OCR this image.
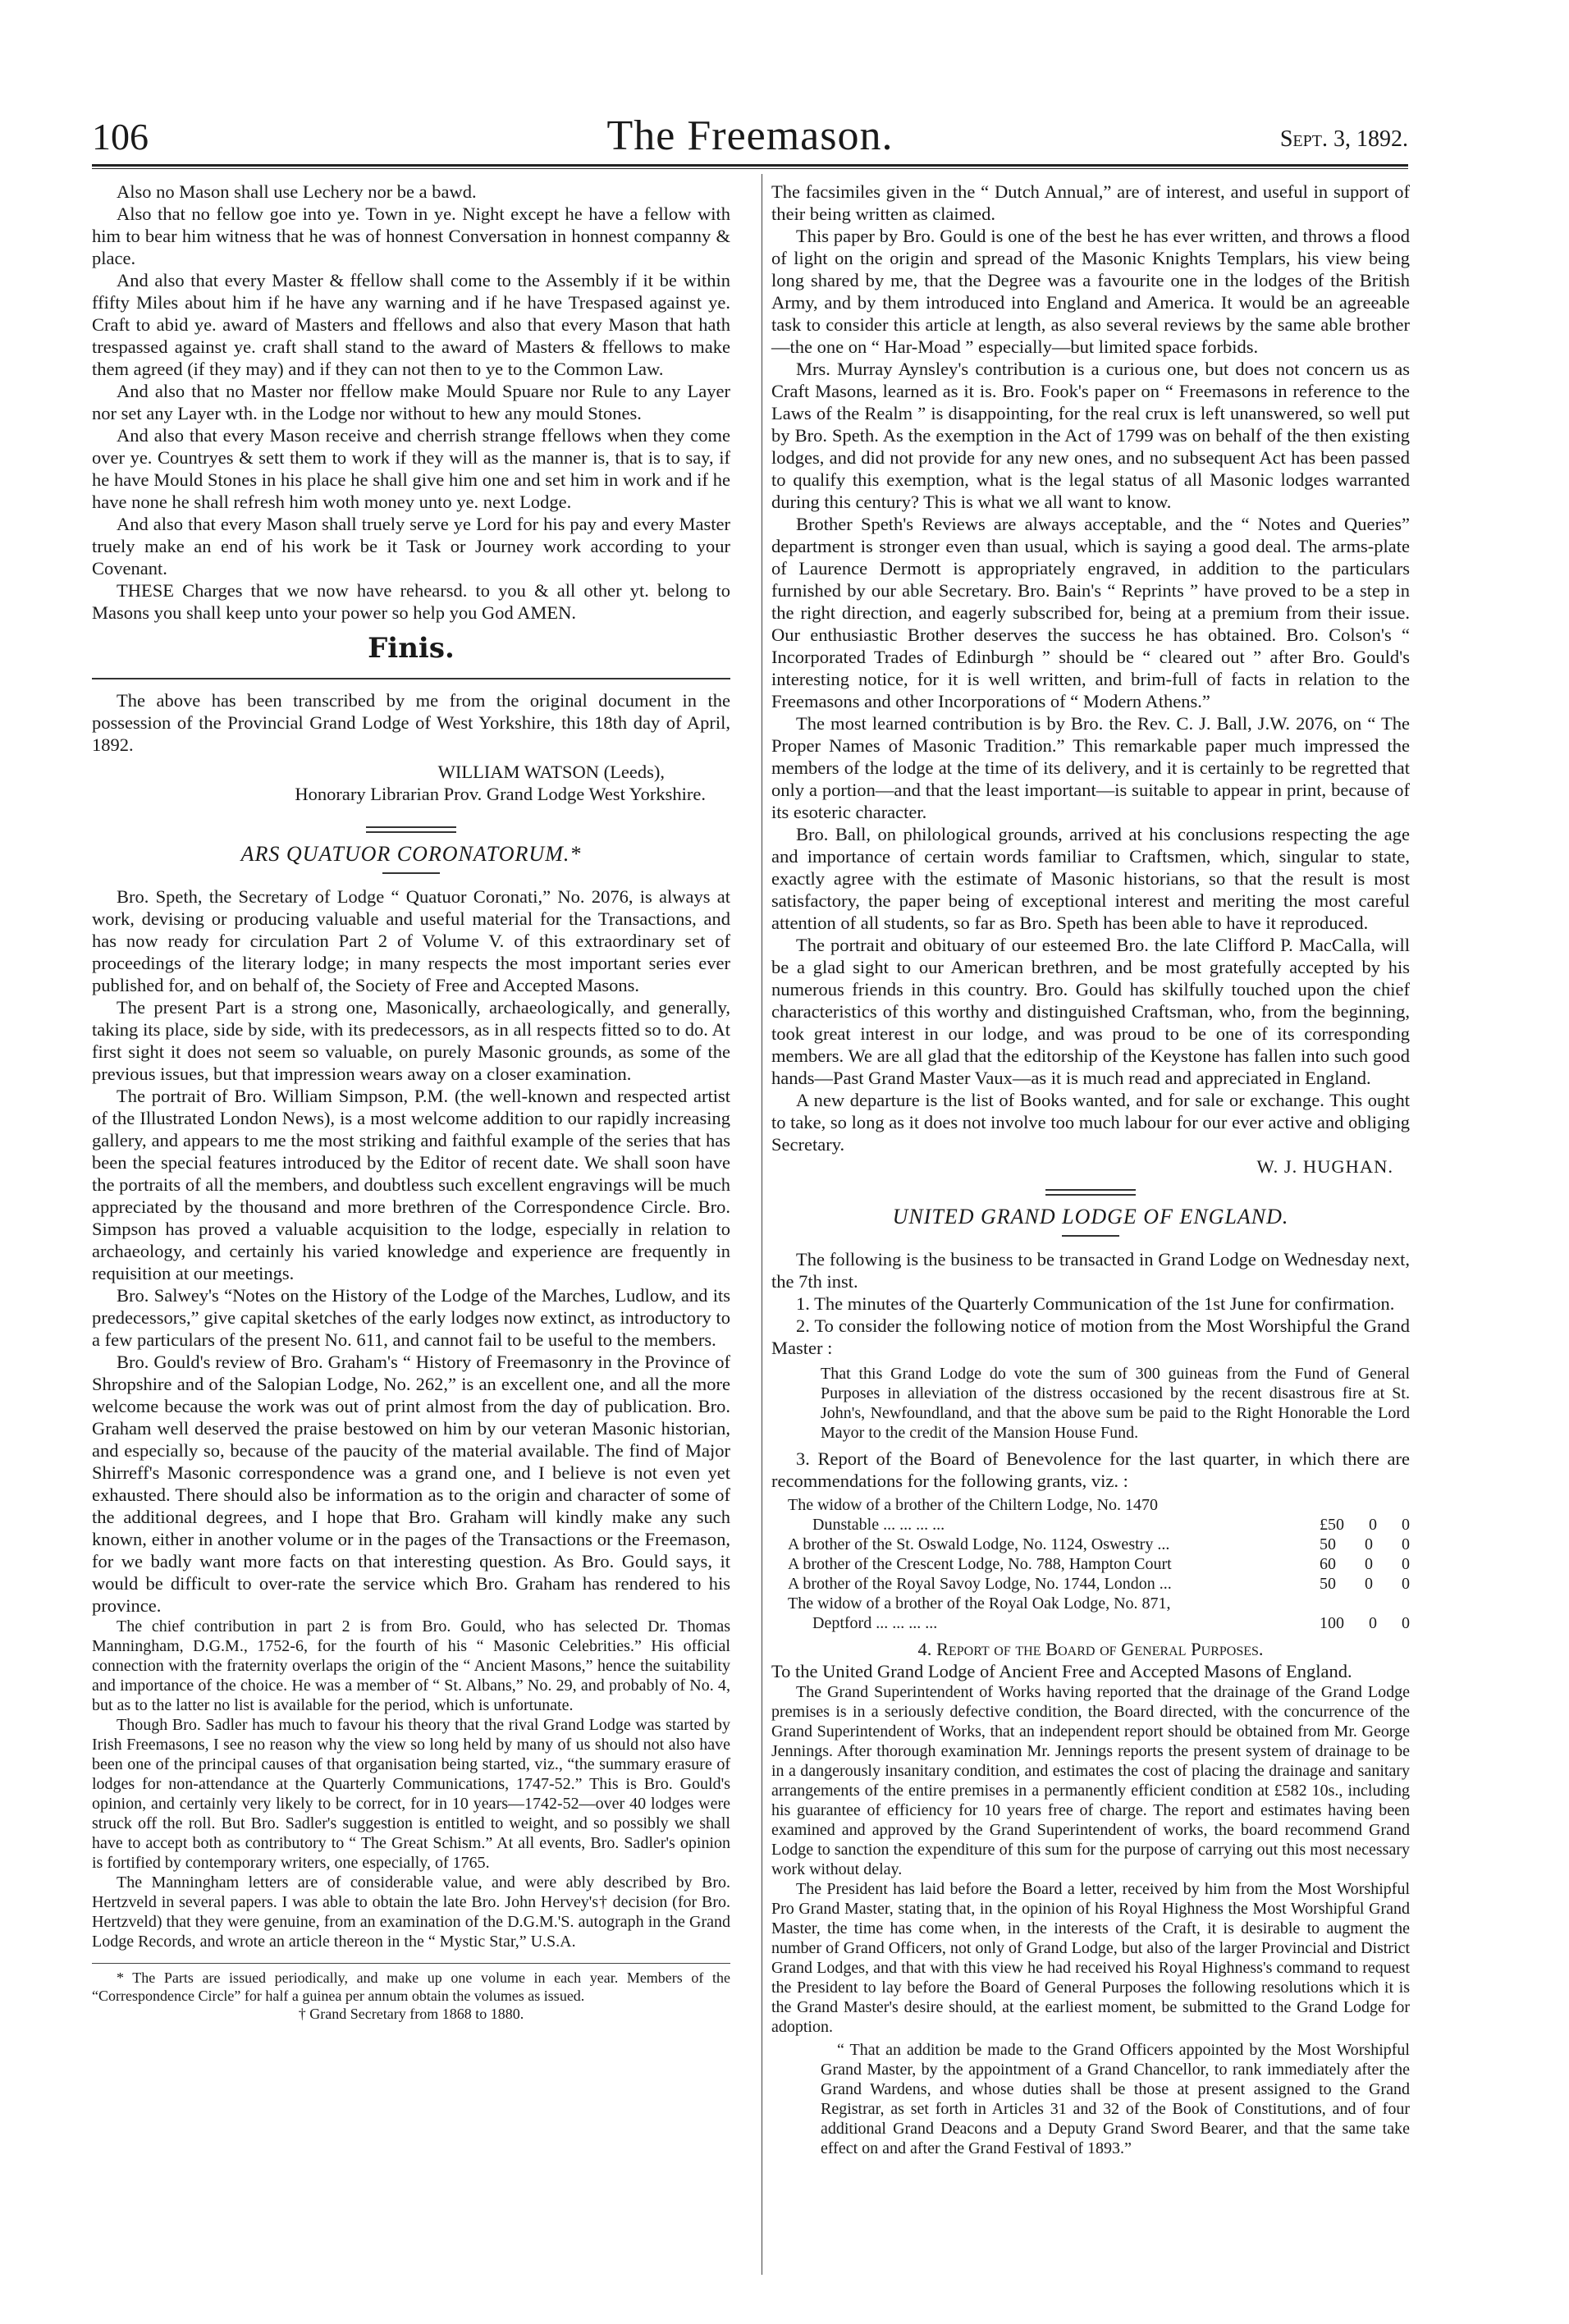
106	The Freemason.	Sept. 3, 1892.

Also no Mason shall use Lechery nor be a bawd.

Also that no fellow goe into ye. Town in ye. Night except he have a fellow with him to bear him witness that he was of honnest Conversation in honnest companny & place.

And also that every Master & ffellow shall come to the Assembly if it be within ffifty Miles about him if he have any warning and if he have Trespased against ye. Craft to abid ye. award of Masters and ffellows and also that every Mason that hath trespassed against ye. craft shall stand to the award of Masters & ffellows to make them agreed (if they may) and if they can not then to ye to the Common Law.

And also that no Master nor ffellow make Mould Spuare nor Rule to any Layer nor set any Layer wth. in the Lodge nor without to hew any mould Stones.

And also that every Mason receive and cherrish strange ffellows when they come over ye. Countryes & sett them to work if they will as the manner is, that is to say, if he have Mould Stones in his place he shall give him one and set him in work and if he have none he shall refresh him woth money unto ye. next Lodge.

And also that every Mason shall truely serve ye Lord for his pay and every Master truely make an end of his work be it Task or Journey work according to your Covenant.

THESE Charges that we now have rehearsd. to you & all other yt. belong to Masons you shall keep unto your power so help you God AMEN.

Finis.

The above has been transcribed by me from the original document in the possession of the Provincial Grand Lodge of West Yorkshire, this 18th day of April, 1892.

WILLIAM WATSON (Leeds),
Honorary Librarian Prov. Grand Lodge West Yorkshire.
ARS QUATUOR CORONATORUM.*

Bro. Speth, the Secretary of Lodge “ Quatuor Coronati,” No. 2076, is always at work, devising or producing valuable and useful material for the Transactions, and has now ready for circulation Part 2 of Volume V. of this extraordinary set of proceedings of the literary lodge; in many respects the most important series ever published for, and on behalf of, the Society of Free and Accepted Masons.

The present Part is a strong one, Masonically, archaeologically, and generally, taking its place, side by side, with its predecessors, as in all respects fitted so to do. At first sight it does not seem so valuable, on purely Masonic grounds, as some of the previous issues, but that impression wears away on a closer examination.

The portrait of Bro. William Simpson, P.M. (the well-known and respected artist of the Illustrated London News), is a most welcome addition to our rapidly increasing gallery, and appears to me the most striking and faithful example of the series that has been the special features introduced by the Editor of recent date. We shall soon have the portraits of all the members, and doubtless such excellent engravings will be much appreciated by the thousand and more brethren of the Correspondence Circle. Bro. Simpson has proved a valuable acquisition to the lodge, especially in relation to archaeology, and certainly his varied knowledge and experience are frequently in requisition at our meetings.

Bro. Salwey's “Notes on the History of the Lodge of the Marches, Ludlow, and its predecessors,” give capital sketches of the early lodges now extinct, as introductory to a few particulars of the present No. 611, and cannot fail to be useful to the members.

Bro. Gould's review of Bro. Graham's “ History of Freemasonry in the Province of Shropshire and of the Salopian Lodge, No. 262,” is an excellent one, and all the more welcome because the work was out of print almost from the day of publication. Bro. Graham well deserved the praise bestowed on him by our veteran Masonic historian, and especially so, because of the paucity of the material available. The find of Major Shirreff's Masonic correspondence was a grand one, and I believe is not even yet exhausted. There should also be information as to the origin and character of some of the additional degrees, and I hope that Bro. Graham will kindly make any such known, either in another volume or in the pages of the Transactions or the Freemason, for we badly want more facts on that interesting question. As Bro. Gould says, it would be difficult to over-rate the service which Bro. Graham has rendered to his province.

The chief contribution in part 2 is from Bro. Gould, who has selected Dr. Thomas Manningham, D.G.M., 1752-6, for the fourth of his “ Masonic Celebrities.” His official connection with the fraternity overlaps the origin of the “ Ancient Masons,” hence the suitability and importance of the choice. He was a member of “ St. Albans,” No. 29, and probably of No. 4, but as to the latter no list is available for the period, which is unfortunate.

Though Bro. Sadler has much to favour his theory that the rival Grand Lodge was started by Irish Freemasons, I see no reason why the view so long held by many of us should not also have been one of the principal causes of that organisation being started, viz., “the summary erasure of lodges for non-attendance at the Quarterly Communications, 1747-52.” This is Bro. Gould's opinion, and certainly very likely to be correct, for in 10 years—1742-52—over 40 lodges were struck off the roll. But Bro. Sadler's suggestion is entitled to weight, and so possibly we shall have to accept both as contributory to “ The Great Schism.” At all events, Bro. Sadler's opinion is fortified by contemporary writers, one especially, of 1765.

The Manningham letters are of considerable value, and were ably described by Bro. Hertzveld in several papers. I was able to obtain the late Bro. John Hervey's† decision (for Bro. Hertzveld) that they were genuine, from an examination of the D.G.M.'S. autograph in the Grand Lodge Records, and wrote an article thereon in the “ Mystic Star,” U.S.A.

* The Parts are issued periodically, and make up one volume in each year. Members of the “Correspondence Circle” for half a guinea per annum obtain the volumes as issued.

† Grand Secretary from 1868 to 1880.

The facsimiles given in the “ Dutch Annual,” are of interest, and useful in support of their being written as claimed.

This paper by Bro. Gould is one of the best he has ever written, and throws a flood of light on the origin and spread of the Masonic Knights Templars, his view being long shared by me, that the Degree was a favourite one in the lodges of the British Army, and by them introduced into England and America. It would be an agreeable task to consider this article at length, as also several reviews by the same able brother—the one on “ Har-Moad ” especially—but limited space forbids.

Mrs. Murray Aynsley's contribution is a curious one, but does not concern us as Craft Masons, learned as it is. Bro. Fook's paper on “ Freemasons in reference to the Laws of the Realm ” is disappointing, for the real crux is left unanswered, so well put by Bro. Speth. As the exemption in the Act of 1799 was on behalf of the then existing lodges, and did not provide for any new ones, and no subsequent Act has been passed to qualify this exemption, what is the legal status of all Masonic lodges warranted during this century? This is what we all want to know.

Brother Speth's Reviews are always acceptable, and the “ Notes and Queries” department is stronger even than usual, which is saying a good deal. The arms-plate of Laurence Dermott is appropriately engraved, in addition to the particulars furnished by our able Secretary. Bro. Bain's “ Reprints ” have proved to be a step in the right direction, and eagerly subscribed for, being at a premium from their issue. Our enthusiastic Brother deserves the success he has obtained. Bro. Colson's “ Incorporated Trades of Edinburgh ” should be “ cleared out ” after Bro. Gould's interesting notice, for it is well written, and brim-full of facts in relation to the Freemasons and other Incorporations of “ Modern Athens.”

The most learned contribution is by Bro. the Rev. C. J. Ball, J.W. 2076, on “ The Proper Names of Masonic Tradition.” This remarkable paper much impressed the members of the lodge at the time of its delivery, and it is certainly to be regretted that only a portion—and that the least important—is suitable to appear in print, because of its esoteric character.

Bro. Ball, on philological grounds, arrived at his conclusions respecting the age and importance of certain words familiar to Craftsmen, which, singular to state, exactly agree with the estimate of Masonic historians, so that the result is most satisfactory, the paper being of exceptional interest and meriting the most careful attention of all students, so far as Bro. Speth has been able to have it reproduced.

The portrait and obituary of our esteemed Bro. the late Clifford P. MacCalla, will be a glad sight to our American brethren, and be most gratefully accepted by his numerous friends in this country. Bro. Gould has skilfully touched upon the chief characteristics of this worthy and distinguished Craftsman, who, from the beginning, took great interest in our lodge, and was proud to be one of its corresponding members. We are all glad that the editorship of the Keystone has fallen into such good hands—Past Grand Master Vaux—as it is much read and appreciated in England.

A new departure is the list of Books wanted, and for sale or exchange. This ought to take, so long as it does not involve too much labour for our ever active and obliging Secretary.

W. J. HUGHAN.
UNITED GRAND LODGE OF ENGLAND.

The following is the business to be transacted in Grand Lodge on Wednesday next, the 7th inst.

1. The minutes of the Quarterly Communication of the 1st June for confirmation.

2. To consider the following notice of motion from the Most Worshipful the Grand Master :

That this Grand Lodge do vote the sum of 300 guineas from the Fund of General Purposes in alleviation of the distress occasioned by the recent disastrous fire at St. John's, Newfoundland, and that the above sum be paid to the Right Honorable the Lord Mayor to the credit of the Mansion House Fund.

3. Report of the Board of Benevolence for the last quarter, in which there are recommendations for the following grants, viz. :

The widow of a brother of the Chiltern Lodge, No. 1470
Dunstable ... ... ... ...	£50 0 0
A brother of the St. Oswald Lodge, No. 1124, Oswestry ...	50 0 0
A brother of the Crescent Lodge, No. 788, Hampton Court	60 0 0
A brother of the Royal Savoy Lodge, No. 1744, London ...	50 0 0
The widow of a brother of the Royal Oak Lodge, No. 871,
Deptford ... ... ... ...	100 0 0
4. Report of the Board of General Purposes.

To the United Grand Lodge of Ancient Free and Accepted Masons of England.

The Grand Superintendent of Works having reported that the drainage of the Grand Lodge premises is in a seriously defective condition, the Board directed, with the concurrence of the Grand Superintendent of Works, that an independent report should be obtained from Mr. George Jennings. After thorough examination Mr. Jennings reports the present system of drainage to be in a dangerously insanitary condition, and estimates the cost of placing the drainage and sanitary arrangements of the entire premises in a permanently efficient condition at £582 10s., including his guarantee of efficiency for 10 years free of charge. The report and estimates having been examined and approved by the Grand Superintendent of works, the board recommend Grand Lodge to sanction the expenditure of this sum for the purpose of carrying out this most necessary work without delay.

The President has laid before the Board a letter, received by him from the Most Worshipful Pro Grand Master, stating that, in the opinion of his Royal Highness the Most Worshipful Grand Master, the time has come when, in the interests of the Craft, it is desirable to augment the number of Grand Officers, not only of Grand Lodge, but also of the larger Provincial and District Grand Lodges, and that with this view he had received his Royal Highness's command to request the President to lay before the Board of General Purposes the following resolutions which it is the Grand Master's desire should, at the earliest moment, be submitted to the Grand Lodge for adoption.

“ That an addition be made to the Grand Officers appointed by the Most Worshipful Grand Master, by the appointment of a Grand Chancellor, to rank immediately after the Grand Wardens, and whose duties shall be those at present assigned to the Grand Registrar, as set forth in Articles 31 and 32 of the Book of Constitutions, and of four additional Grand Deacons and a Deputy Grand Sword Bearer, and that the same take effect on and after the Grand Festival of 1893.”
